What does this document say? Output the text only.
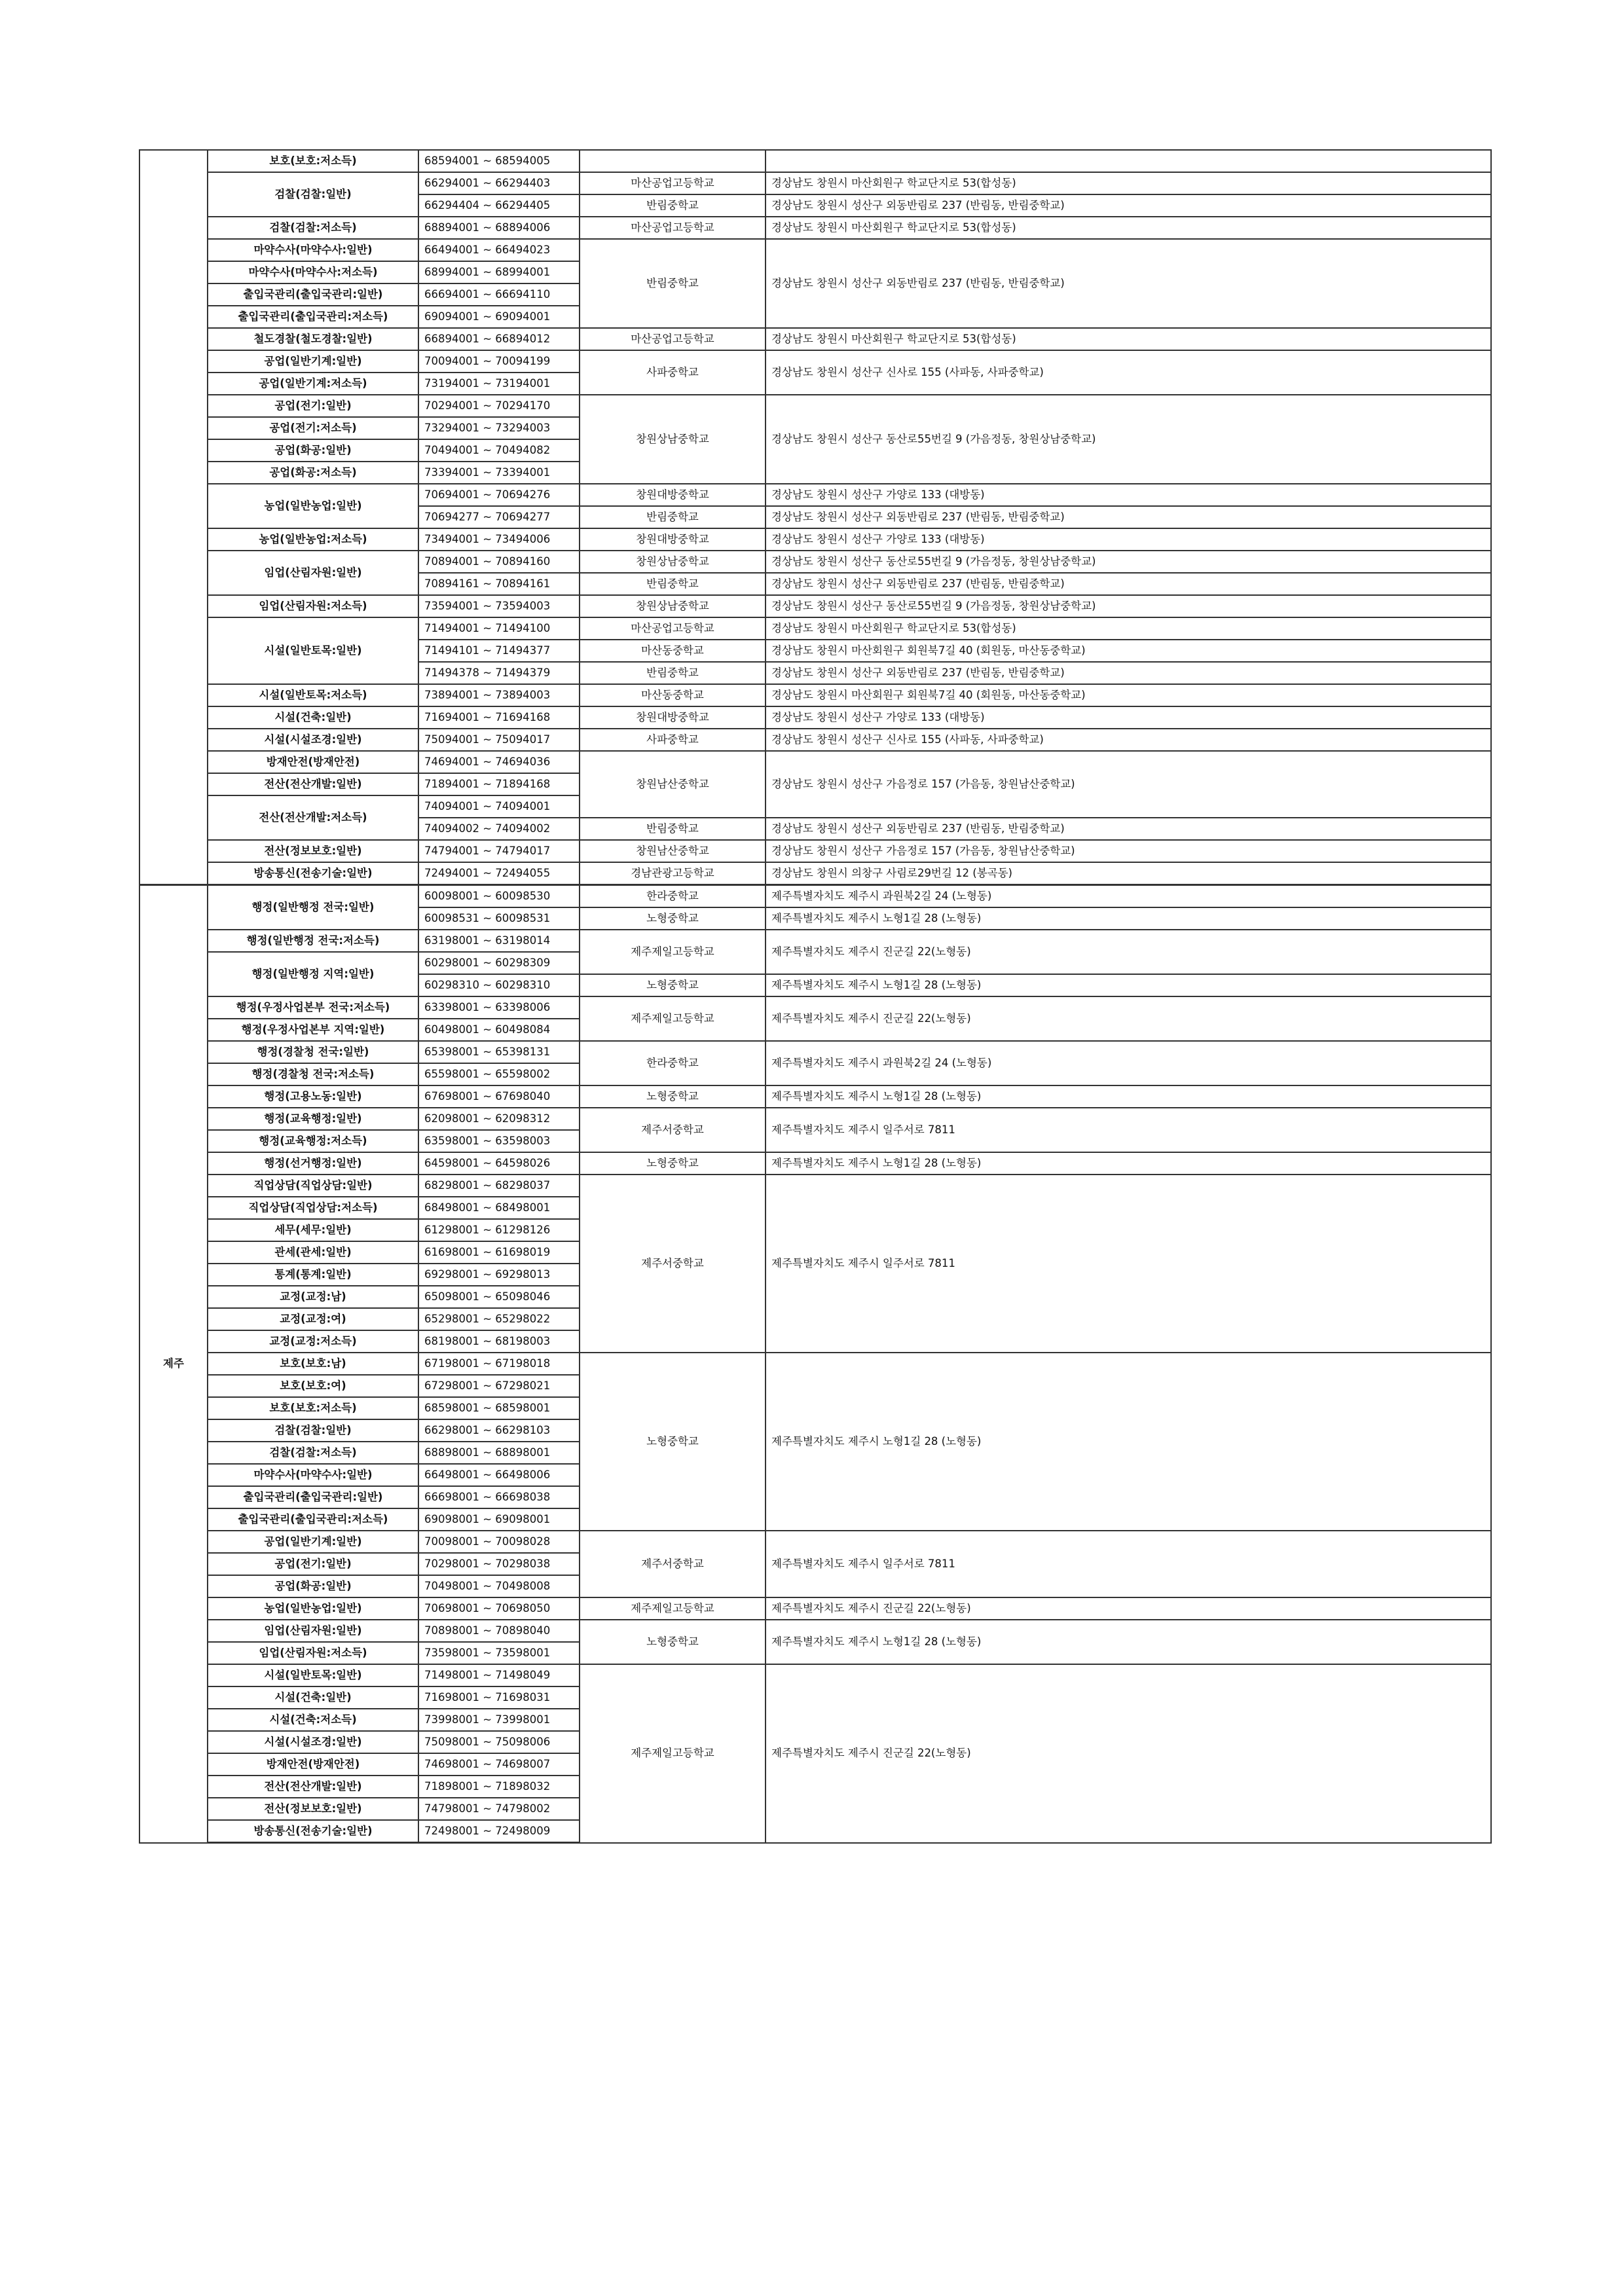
	보호(보호:저소득)	68594001 ~ 68594005		
	검찰(검찰:일반)	66294001 ~ 66294403	마산공업고등학교	경상남도 창원시 마산회원구 학교단지로 53(합성동)
		66294404 ~ 66294405	반림중학교	경상남도 창원시 성산구 외동반림로 237 (반림동, 반림중학교)
	검찰(검찰:저소득)	68894001 ~ 68894006	마산공업고등학교	경상남도 창원시 마산회원구 학교단지로 53(합성동)
	마약수사(마약수사:일반)	66494001 ~ 66494023	반림중학교	경상남도 창원시 성산구 외동반림로 237 (반림동, 반림중학교)
	마약수사(마약수사:저소득)	68994001 ~ 68994001		
	출입국관리(출입국관리:일반)	66694001 ~ 66694110		
	출입국관리(출입국관리:저소득)	69094001 ~ 69094001		
	철도경찰(철도경찰:일반)	66894001 ~ 66894012	마산공업고등학교	경상남도 창원시 마산회원구 학교단지로 53(합성동)
	공업(일반기계:일반)	70094001 ~ 70094199	사파중학교	경상남도 창원시 성산구 신사로 155 (사파동, 사파중학교)
	공업(일반기계:저소득)	73194001 ~ 73194001		
	공업(전기:일반)	70294001 ~ 70294170	창원상남중학교	경상남도 창원시 성산구 동산로55번길 9 (가음정동, 창원상남중학교)
	공업(전기:저소득)	73294001 ~ 73294003		
	공업(화공:일반)	70494001 ~ 70494082		
	공업(화공:저소득)	73394001 ~ 73394001		
	농업(일반농업:일반)	70694001 ~ 70694276	창원대방중학교	경상남도 창원시 성산구 가양로 133 (대방동)
		70694277 ~ 70694277	반림중학교	경상남도 창원시 성산구 외동반림로 237 (반림동, 반림중학교)
	농업(일반농업:저소득)	73494001 ~ 73494006	창원대방중학교	경상남도 창원시 성산구 가양로 133 (대방동)
	임업(산림자원:일반)	70894001 ~ 70894160	창원상남중학교	경상남도 창원시 성산구 동산로55번길 9 (가음정동, 창원상남중학교)
		70894161 ~ 70894161	반림중학교	경상남도 창원시 성산구 외동반림로 237 (반림동, 반림중학교)
	임업(산림자원:저소득)	73594001 ~ 73594003	창원상남중학교	경상남도 창원시 성산구 동산로55번길 9 (가음정동, 창원상남중학교)
	시설(일반토목:일반)	71494001 ~ 71494100	마산공업고등학교	경상남도 창원시 마산회원구 학교단지로 53(합성동)
		71494101 ~ 71494377	마산동중학교	경상남도 창원시 마산회원구 회원북7길 40 (회원동, 마산동중학교)
		71494378 ~ 71494379	반림중학교	경상남도 창원시 성산구 외동반림로 237 (반림동, 반림중학교)
	시설(일반토목:저소득)	73894001 ~ 73894003	마산동중학교	경상남도 창원시 마산회원구 회원북7길 40 (회원동, 마산동중학교)
	시설(건축:일반)	71694001 ~ 71694168	창원대방중학교	경상남도 창원시 성산구 가양로 133 (대방동)
	시설(시설조경:일반)	75094001 ~ 75094017	사파중학교	경상남도 창원시 성산구 신사로 155 (사파동, 사파중학교)
	방재안전(방재안전)	74694001 ~ 74694036	창원남산중학교	경상남도 창원시 성산구 가음정로 157 (가음동, 창원남산중학교)
	전산(전산개발:일반)	71894001 ~ 71894168		
	전산(전산개발:저소득)	74094001 ~ 74094001		
		74094002 ~ 74094002	반림중학교	경상남도 창원시 성산구 외동반림로 237 (반림동, 반림중학교)
	전산(정보보호:일반)	74794001 ~ 74794017	창원남산중학교	경상남도 창원시 성산구 가음정로 157 (가음동, 창원남산중학교)
	방송통신(전송기술:일반)	72494001 ~ 72494055	경남관광고등학교	경상남도 창원시 의창구 사림로29번길 12 (봉곡동)
제주	행정(일반행정 전국:일반)	60098001 ~ 60098530	한라중학교	제주특별자치도 제주시 과원북2길 24 (노형동)
		60098531 ~ 60098531	노형중학교	제주특별자치도 제주시 노형1길 28 (노형동)
	행정(일반행정 전국:저소득)	63198001 ~ 63198014	제주제일고등학교	제주특별자치도 제주시 진군길 22(노형동)
	행정(일반행정 지역:일반)	60298001 ~ 60298309		
		60298310 ~ 60298310	노형중학교	제주특별자치도 제주시 노형1길 28 (노형동)
	행정(우정사업본부 전국:저소득)	63398001 ~ 63398006	제주제일고등학교	제주특별자치도 제주시 진군길 22(노형동)
	행정(우정사업본부 지역:일반)	60498001 ~ 60498084		
	행정(경찰청 전국:일반)	65398001 ~ 65398131	한라중학교	제주특별자치도 제주시 과원북2길 24 (노형동)
	행정(경찰청 전국:저소득)	65598001 ~ 65598002		
	행정(고용노동:일반)	67698001 ~ 67698040	노형중학교	제주특별자치도 제주시 노형1길 28 (노형동)
	행정(교육행정:일반)	62098001 ~ 62098312	제주서중학교	제주특별자치도 제주시 일주서로 7811
	행정(교육행정:저소득)	63598001 ~ 63598003		
	행정(선거행정:일반)	64598001 ~ 64598026	노형중학교	제주특별자치도 제주시 노형1길 28 (노형동)
	직업상담(직업상담:일반)	68298001 ~ 68298037	제주서중학교	제주특별자치도 제주시 일주서로 7811
	직업상담(직업상담:저소득)	68498001 ~ 68498001		
	세무(세무:일반)	61298001 ~ 61298126		
	관세(관세:일반)	61698001 ~ 61698019		
	통계(통계:일반)	69298001 ~ 69298013		
	교정(교정:남)	65098001 ~ 65098046		
	교정(교정:여)	65298001 ~ 65298022		
	교정(교정:저소득)	68198001 ~ 68198003		
	보호(보호:남)	67198001 ~ 67198018	노형중학교	제주특별자치도 제주시 노형1길 28 (노형동)
	보호(보호:여)	67298001 ~ 67298021		
	보호(보호:저소득)	68598001 ~ 68598001		
	검찰(검찰:일반)	66298001 ~ 66298103		
	검찰(검찰:저소득)	68898001 ~ 68898001		
	마약수사(마약수사:일반)	66498001 ~ 66498006		
	출입국관리(출입국관리:일반)	66698001 ~ 66698038		
	출입국관리(출입국관리:저소득)	69098001 ~ 69098001		
	공업(일반기계:일반)	70098001 ~ 70098028	제주서중학교	제주특별자치도 제주시 일주서로 7811
	공업(전기:일반)	70298001 ~ 70298038		
	공업(화공:일반)	70498001 ~ 70498008		
	농업(일반농업:일반)	70698001 ~ 70698050	제주제일고등학교	제주특별자치도 제주시 진군길 22(노형동)
	임업(산림자원:일반)	70898001 ~ 70898040	노형중학교	제주특별자치도 제주시 노형1길 28 (노형동)
	임업(산림자원:저소득)	73598001 ~ 73598001		
	시설(일반토목:일반)	71498001 ~ 71498049	제주제일고등학교	제주특별자치도 제주시 진군길 22(노형동)
	시설(건축:일반)	71698001 ~ 71698031		
	시설(건축:저소득)	73998001 ~ 73998001		
	시설(시설조경:일반)	75098001 ~ 75098006		
	방재안전(방재안전)	74698001 ~ 74698007		
	전산(전산개발:일반)	71898001 ~ 71898032		
	전산(정보보호:일반)	74798001 ~ 74798002		
	방송통신(전송기술:일반)	72498001 ~ 72498009		
